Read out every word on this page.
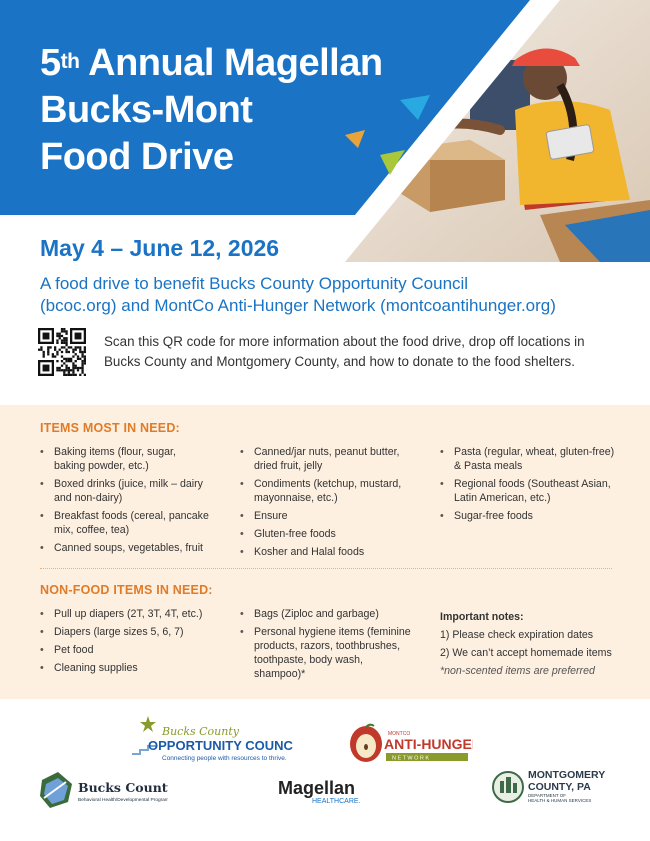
5th Annual Magellan
Bucks-Mont
Food Drive
May 4 – June 12, 2026
A food drive to benefit Bucks County Opportunity Council
(bcoc.org) and MontCo Anti-Hunger Network (montcoantihunger.org)
Scan this QR code for more information about the food drive, drop off locations in Bucks County and Montgomery County, and how to donate to the food shelters.
ITEMS MOST IN NEED:
• Baking items (flour, sugar, baking powder, etc.)
• Boxed drinks (juice, milk – dairy and non-dairy)
• Breakfast foods (cereal, pancake mix, coffee, tea)
• Canned soups, vegetables, fruit
• Canned/jar nuts, peanut butter, dried fruit, jelly
• Condiments (ketchup, mustard, mayonnaise, etc.)
• Ensure
• Gluten-free foods
• Kosher and Halal foods
• Pasta (regular, wheat, gluten-free) & Pasta meals
• Regional foods (Southeast Asian, Latin American, etc.)
• Sugar-free foods
NON-FOOD ITEMS IN NEED:
• Pull up diapers (2T, 3T, 4T, etc.)
• Diapers (large sizes 5, 6, 7)
• Pet food
• Cleaning supplies
• Bags (Ziploc and garbage)
• Personal hygiene items (feminine products, razors, toothbrushes, toothpaste, body wash, shampoo)*
Important notes:
1) Please check expiration dates
2) We can’t accept homemade items
*non-scented items are preferred
Bucks County
OPPORTUNITY COUNCIL
Connecting people with resources to thrive.
MONTCO
ANTI-HUNGER
N E T W O R K
Bucks County
Behavioral Health/Developmental Programs
Magellan
HEALTHCARE.
MONTGOMERY
COUNTY, PA
DEPARTMENT OF
HEALTH & HUMAN SERVICES
